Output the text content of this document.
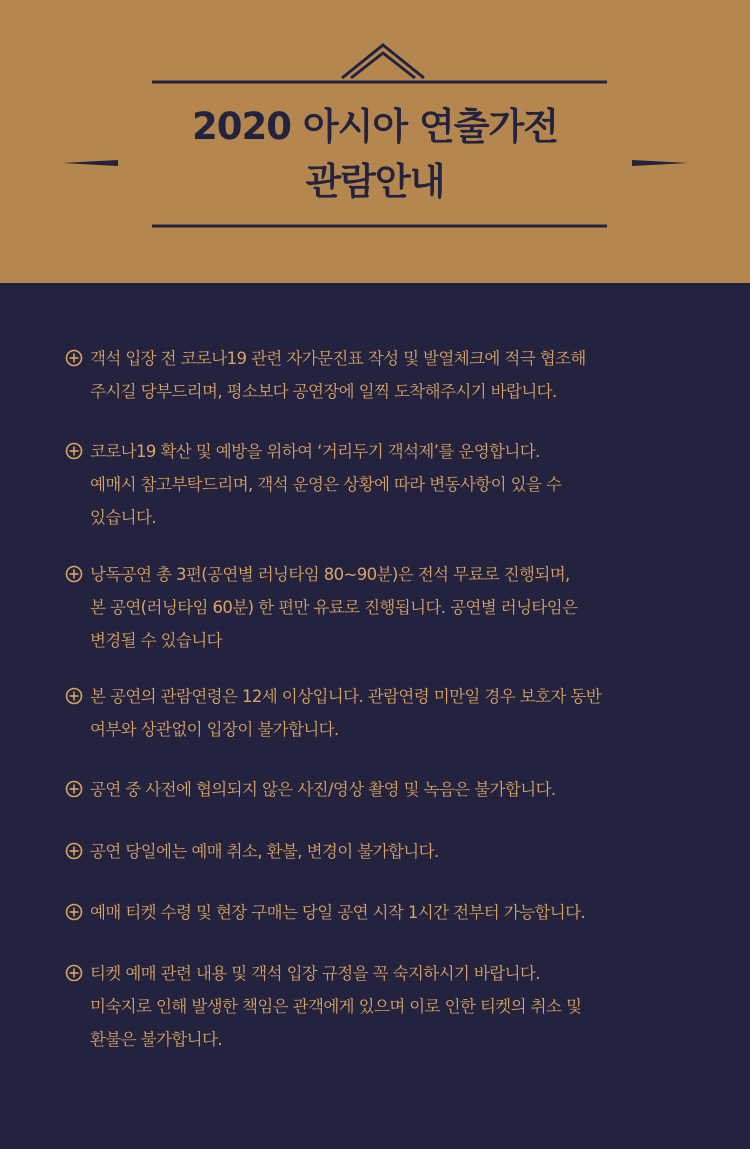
2020 아시아 연출가전
관람안내
객석 입장 전 코로나19 관련 자가문진표 작성 및 발열체크에 적극 협조해
주시길 당부드리며, 평소보다 공연장에 일찍 도착해주시기 바랍니다.
코로나19 확산 및 예방을 위하여 ‘거리두기 객석제’를 운영합니다.
예매시 참고부탁드리며, 객석 운영은 상황에 따라 변동사항이 있을 수
있습니다.
낭독공연 총 3편(공연별 러닝타임 80~90분)은 전석 무료로 진행되며,
본 공연(러닝타임 60분) 한 편만 유료로 진행됩니다. 공연별 러닝타임은
변경될 수 있습니다
본 공연의 관람연령은 12세 이상입니다. 관람연령 미만일 경우 보호자 동반
여부와 상관없이 입장이 불가합니다.
공연 중 사전에 협의되지 않은 사진/영상 촬영 및 녹음은 불가합니다.
공연 당일에는 예매 취소, 환불, 변경이 불가합니다.
예매 티켓 수령 및 현장 구매는 당일 공연 시작 1시간 전부터 가능합니다.
티켓 예매 관련 내용 및 객석 입장 규정을 꼭 숙지하시기 바랍니다.
미숙지로 인해 발생한 책임은 관객에게 있으며 이로 인한 티켓의 취소 및
환불은 불가합니다.
